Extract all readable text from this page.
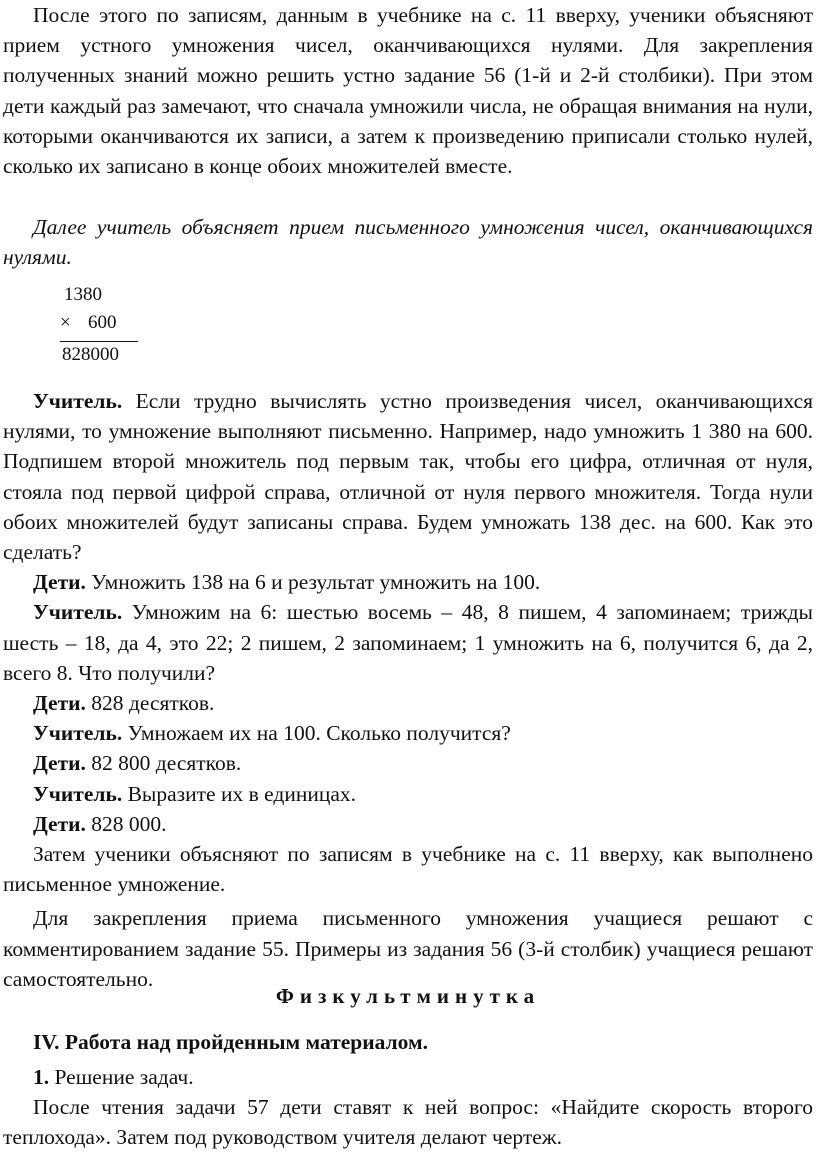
После этого по записям, данным в учебнике на с. 11 вверху, ученики объясняют прием устного умножения чисел, оканчивающихся нулями. Для закрепления полученных знаний можно решить устно задание 56 (1-й и 2-й столбики). При этом дети каждый раз замечают, что сначала умножили числа, не обращая внимания на нули, которыми оканчиваются их записи, а затем к произведению приписали столько нулей, сколько их записано в конце обоих множителей вместе.

Далее учитель объясняет прием письменного умножения чисел, оканчивающихся нулями.

1380
× 600
828000

Учитель. Если трудно вычислять устно произведения чисел, оканчивающихся нулями, то умножение выполняют письменно. Например, надо умножить 1 380 на 600. Подпишем второй множитель под первым так, чтобы его цифра, отличная от нуля, стояла под первой цифрой справа, отличной от нуля первого множителя. Тогда нули обоих множителей будут записаны справа. Будем умножать 138 дес. на 600. Как это сделать?

Дети. Умножить 138 на 6 и результат умножить на 100.

Учитель. Умножим на 6: шестью восемь – 48, 8 пишем, 4 запоминаем; трижды шесть – 18, да 4, это 22; 2 пишем, 2 запоминаем; 1 умножить на 6, получится 6, да 2, всего 8. Что получили?

Дети. 828 десятков.

Учитель. Умножаем их на 100. Сколько получится?

Дети. 82 800 десятков.

Учитель. Выразите их в единицах.

Дети. 828 000.

Затем ученики объясняют по записям в учебнике на с. 11 вверху, как выполнено письменное умножение.

Для закрепления приема письменного умножения учащиеся решают с комментированием задание 55. Примеры из задания 56 (3-й столбик) учащиеся решают самостоятельно.

Физкультминутка

IV. Работа над пройденным материалом.

1. Решение задач.

После чтения задачи 57 дети ставят к ней вопрос: «Найдите скорость второго теплохода». Затем под руководством учителя делают чертеж.
